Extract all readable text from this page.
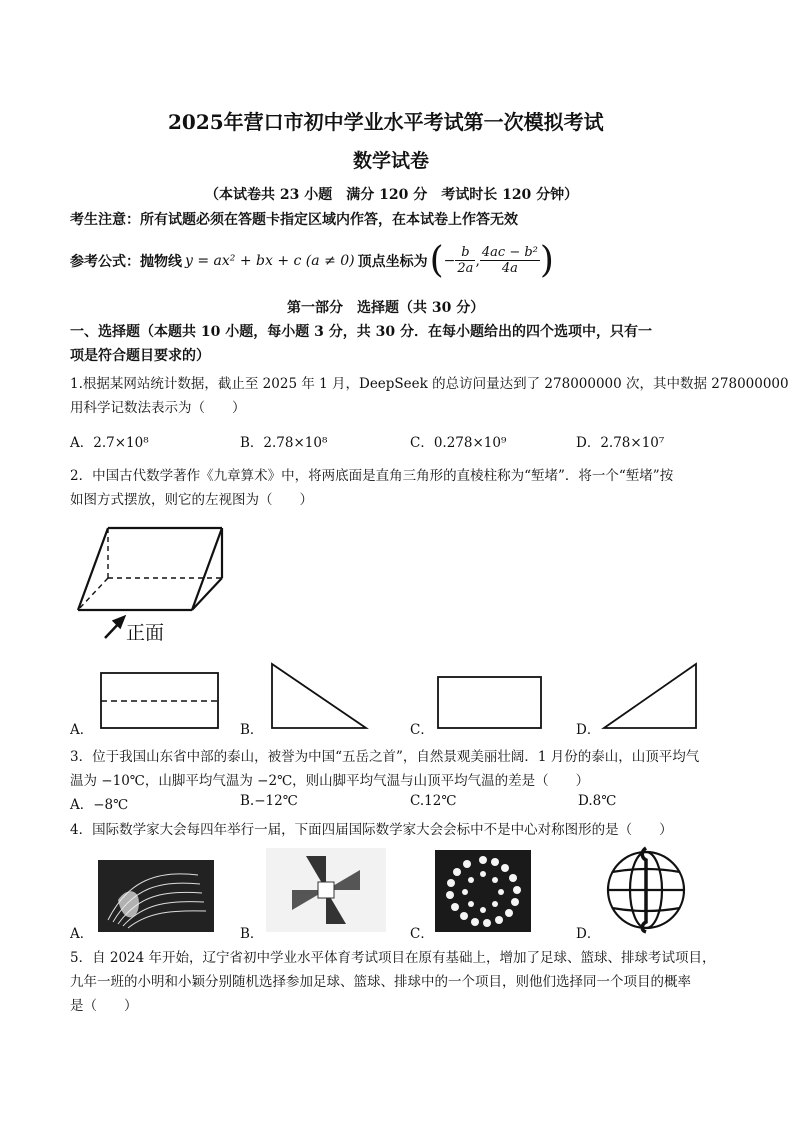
2025年营口市初中学业水平考试第一次模拟考试
数学试卷
（本试卷共 23 小题　满分 120 分　考试时长 120 分钟）
考生注意：所有试题必须在答题卡指定区域内作答，在本试卷上作答无效
参考公式：抛物线 y = ax² + bx + c (a ≠ 0) 顶点坐标为 ( − $\frac{b}{2a}$ , $\frac{\text{4ac − b²}}{4a}$ )
第一部分　选择题（共 30 分）
一、选择题（本题共 10 小题，每小题 3 分，共 30 分．在每小题给出的四个选项中，只有一
项是符合题目要求的）
1.根据某网站统计数据，截止至 2025 年 1 月，DeepSeek 的总访问量达到了 278000000 次，其中数据 278000000
用科学记数法表示为（　　）
A．2.7×10⁸	B．2.78×10⁸	C．0.278×10⁹	D．2.78×10⁷
2．中国古代数学著作《九章算术》中，将两底面是直角三角形的直棱柱称为“堑堵”．将一个“堑堵”按
如图方式摆放，则它的左视图为（　　）
正面
A．	B．	C．	D．
3．位于我国山东省中部的泰山，被誉为中国“五岳之首”，自然景观美丽壮阔．1 月份的泰山，山顶平均气
温为 −10℃，山脚平均气温为 −2℃，则山脚平均气温与山顶平均气温的差是（　　）
A．−8℃	B.−12℃	C.12℃	D.8℃
4．国际数学家大会每四年举行一届，下面四届国际数学家大会会标中不是中心对称图形的是（　　）
A．	B．	C．	D．
5．自 2024 年开始，辽宁省初中学业水平体育考试项目在原有基础上，增加了足球、篮球、排球考试项目，
九年一班的小明和小颖分别随机选择参加足球、篮球、排球中的一个项目，则他们选择同一个项目的概率
是（　　）
